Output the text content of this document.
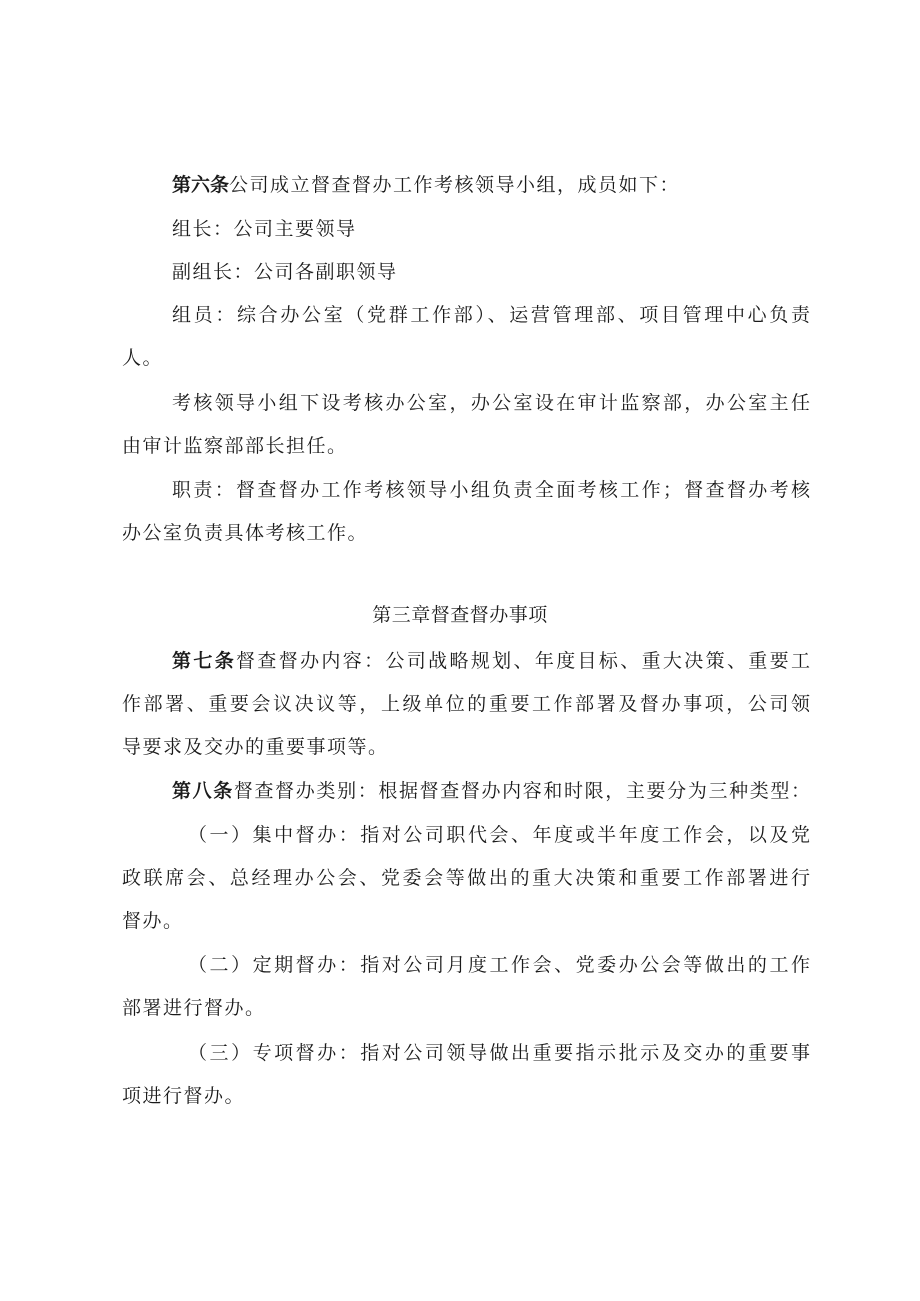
第六条公司成立督查督办工作考核领导小组，成员如下：
组长：公司主要领导
副组长：公司各副职领导
组员：综合办公室（党群工作部）、运营管理部、项目管理中心负责
人。
考核领导小组下设考核办公室，办公室设在审计监察部，办公室主任
由审计监察部部长担任。
职责：督查督办工作考核领导小组负责全面考核工作；督查督办考核
办公室负责具体考核工作。
第三章督查督办事项
第七条督查督办内容：公司战略规划、年度目标、重大决策、重要工
作部署、重要会议决议等，上级单位的重要工作部署及督办事项，公司领
导要求及交办的重要事项等。
第八条督查督办类别：根据督查督办内容和时限，主要分为三种类型：
（一）集中督办：指对公司职代会、年度或半年度工作会，以及党
政联席会、总经理办公会、党委会等做出的重大决策和重要工作部署进行
督办。
（二）定期督办：指对公司月度工作会、党委办公会等做出的工作
部署进行督办。
（三）专项督办：指对公司领导做出重要指示批示及交办的重要事
项进行督办。
